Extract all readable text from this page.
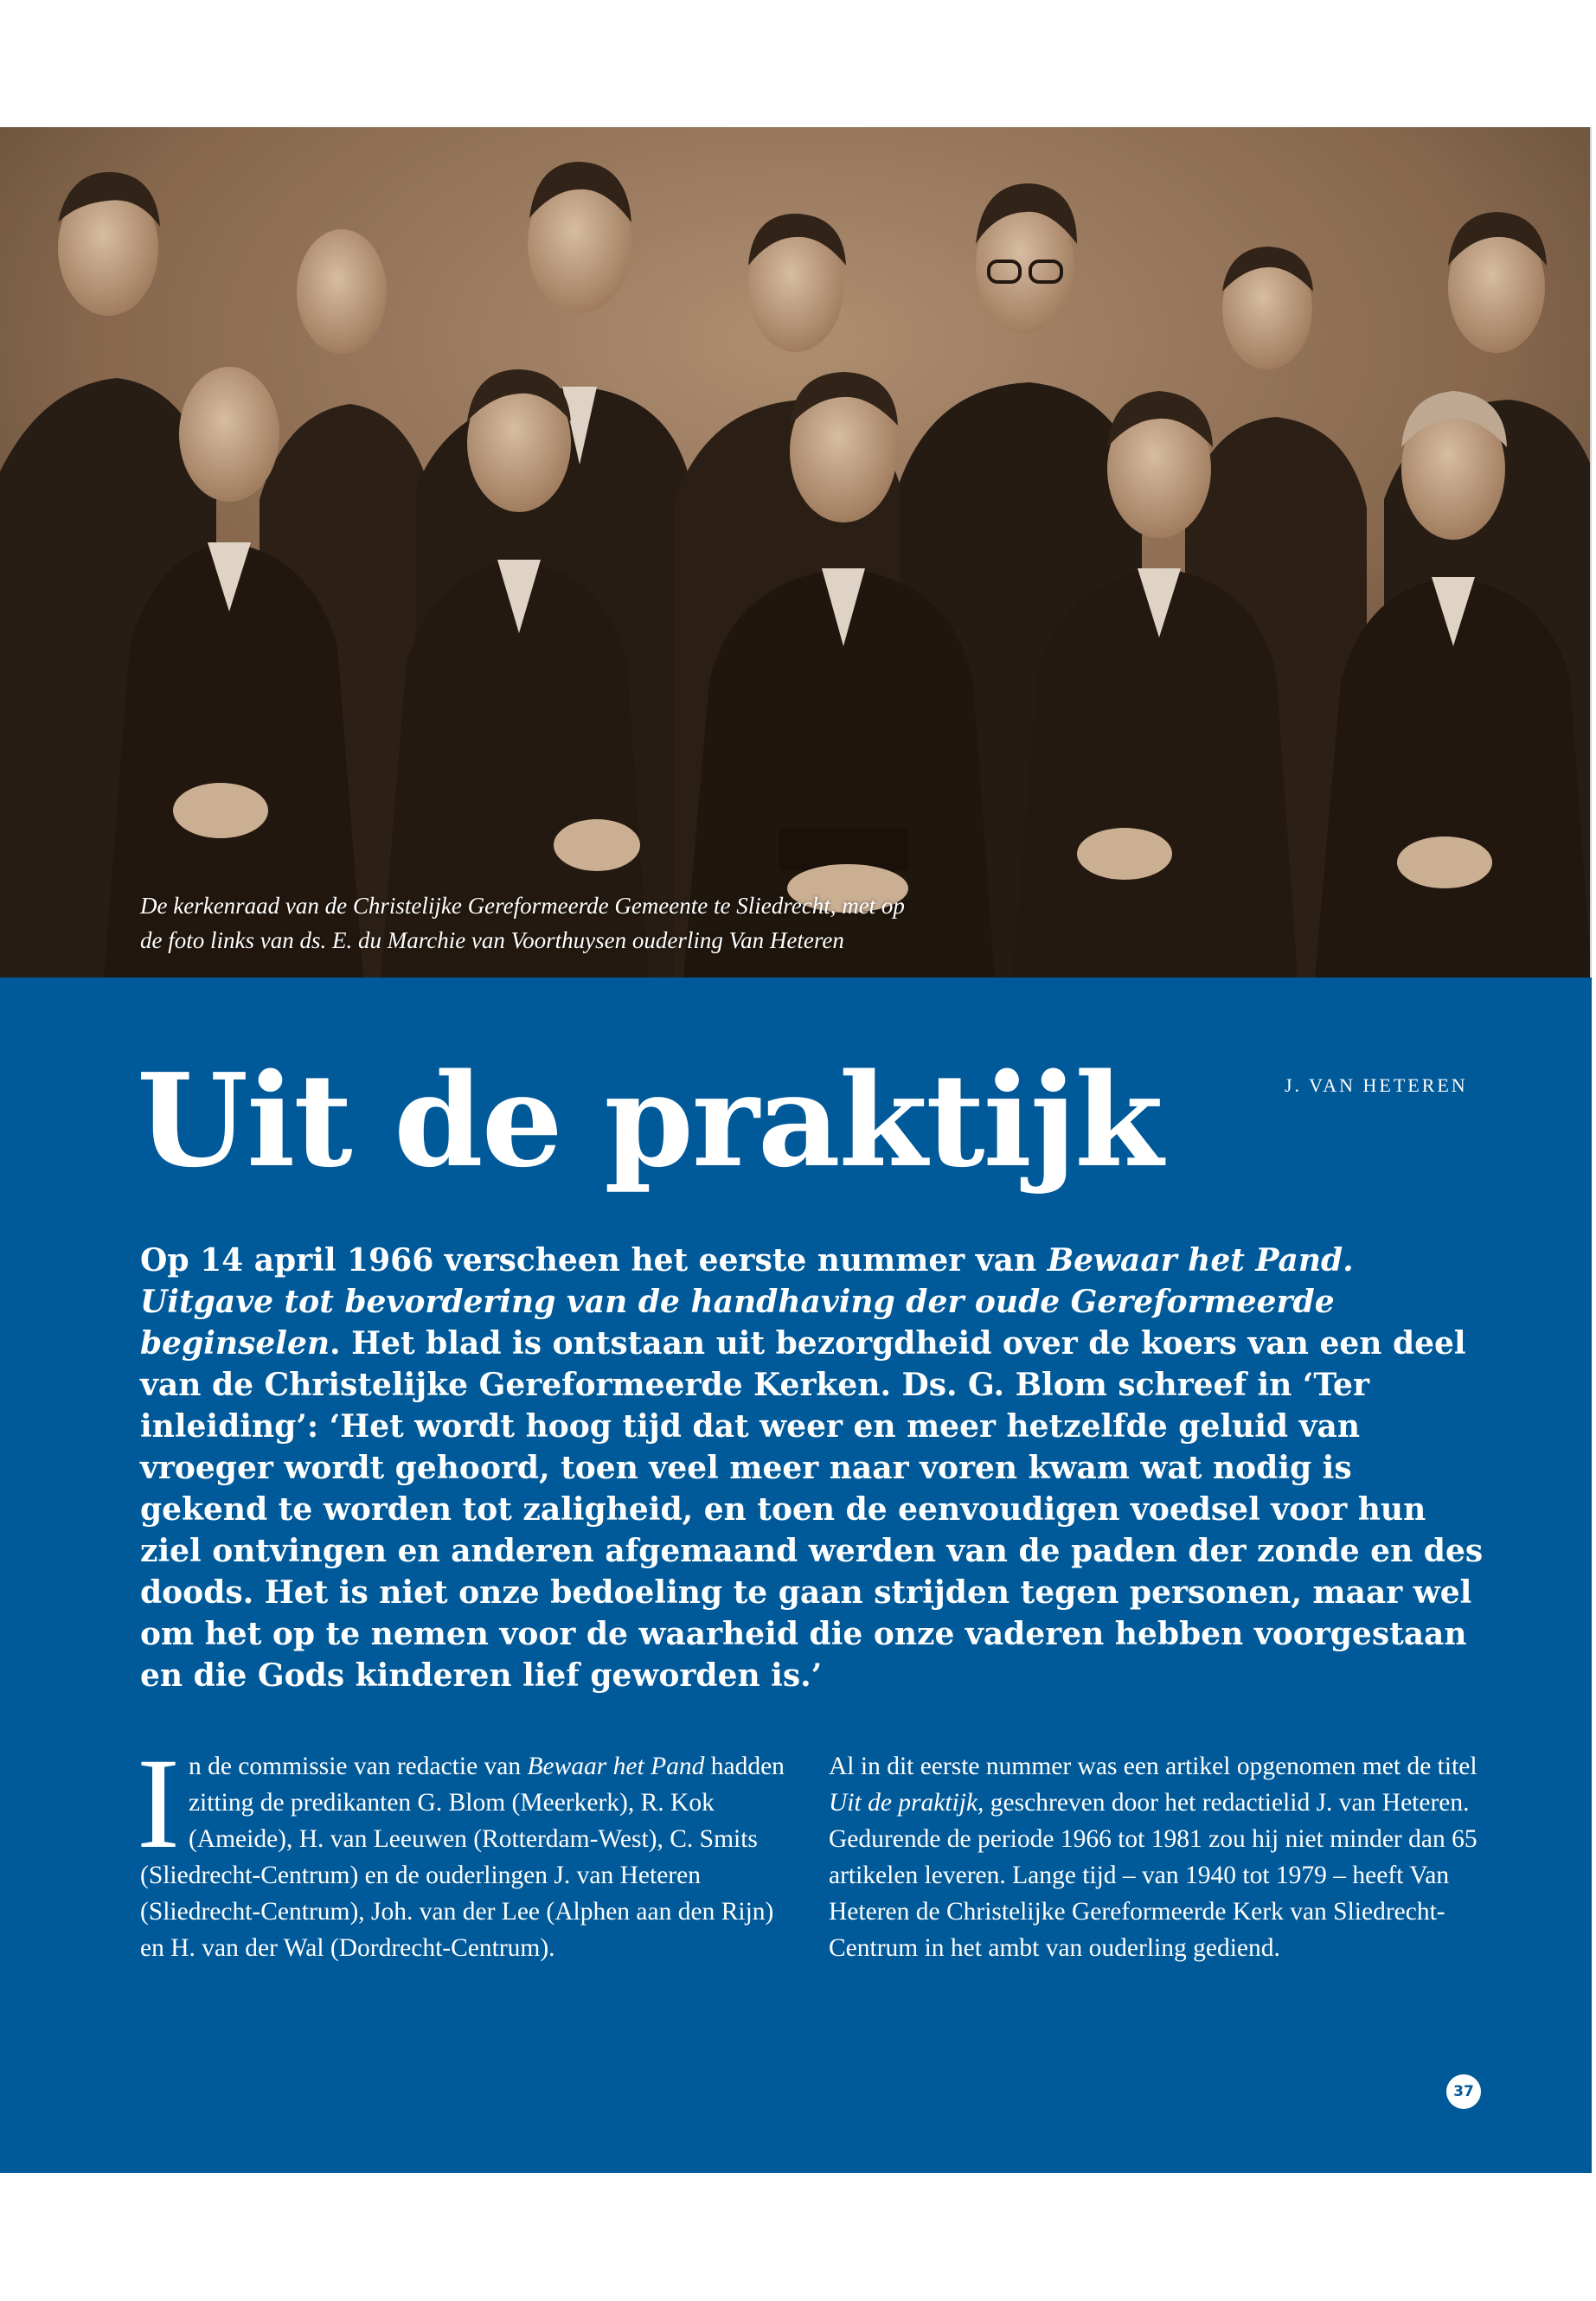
De kerkenraad van de Christelijke Gereformeerde Gemeente te Sliedrecht, met op
de foto links van ds. E. du Marchie van Voorthuysen ouderling Van Heteren
Uit de praktijk	J. VAN HETEREN

Op 14 april 1966 verscheen het eerste nummer van Bewaar het Pand. Uitgave tot bevordering van de handhaving der oude Gereformeerde beginselen. Het blad is ontstaan uit bezorgdheid over de koers van een deel van de Christelijke Gereformeerde Kerken. Ds. G. Blom schreef in ‘Ter inleiding’: ‘Het wordt hoog tijd dat weer en meer hetzelfde geluid van vroeger wordt gehoord, toen veel meer naar voren kwam wat nodig is gekend te worden tot zaligheid, en toen de eenvoudigen voedsel voor hun ziel ontvingen en anderen afgemaand werden van de paden der zonde en des doods. Het is niet onze bedoeling te gaan strijden tegen personen, maar wel om het op te nemen voor de waarheid die onze vaderen hebben voorgestaan en die Gods kinderen lief geworden is.’

In de commissie van redactie van Bewaar het Pand hadden zitting de predikanten G. Blom (Meerkerk), R. Kok (Ameide), H. van Leeuwen (Rotterdam-West), C. Smits (Sliedrecht-Centrum) en de ouderlingen J. van Heteren (Sliedrecht-Centrum), Joh. van der Lee (Alphen aan den Rijn) en H. van der Wal (Dordrecht-Centrum).

Al in dit eerste nummer was een artikel opgenomen met de titel Uit de praktijk, geschreven door het redactielid J. van Heteren. Gedurende de periode 1966 tot 1981 zou hij niet minder dan 65 artikelen leveren. Lange tijd – van 1940 tot 1979 – heeft Van Heteren de Christelijke Gereformeerde Kerk van Sliedrecht-Centrum in het ambt van ouderling gediend.

37
